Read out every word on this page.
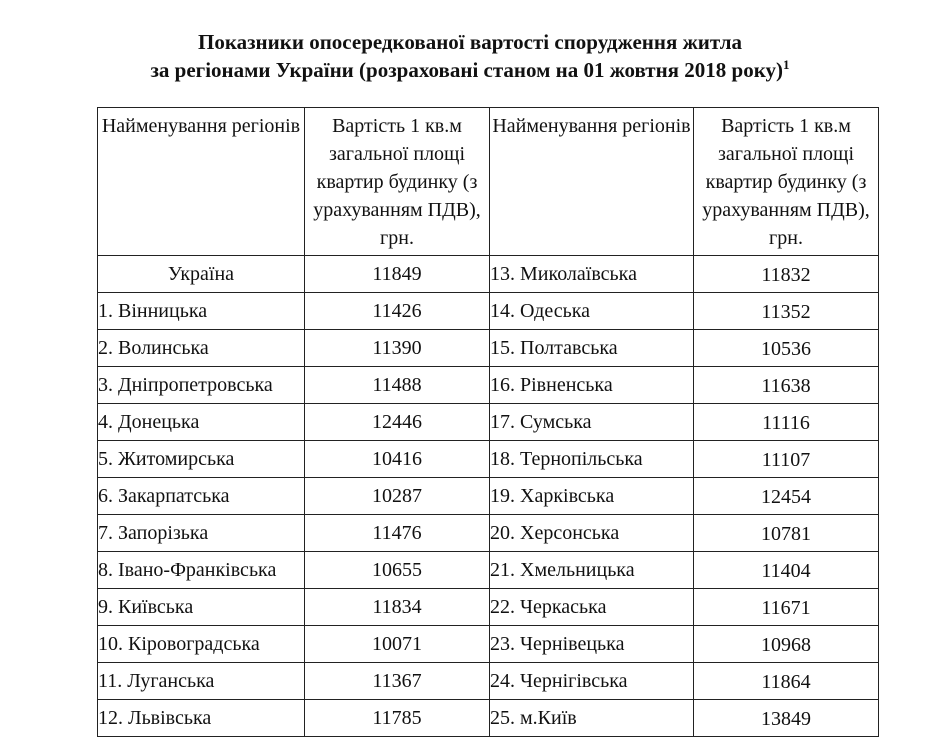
Показники опосередкованої вартості спорудження житла
за регіонами України (розраховані станом на 01 жовтня 2018 року)$^1$
Найменування регіонів	Вартість 1 кв.м загальної площі квартир будинку (з урахуванням ПДВ), грн.	Найменування регіонів	Вартість 1 кв.м загальної площі квартир будинку (з урахуванням ПДВ), грн.
Україна	11849	13. Миколаївська	11832
1. Вінницька	11426	14. Одеська	11352
2. Волинська	11390	15. Полтавська	10536
3. Дніпропетровська	11488	16. Рівненська	11638
4. Донецька	12446	17. Сумська	11116
5. Житомирська	10416	18. Тернопільська	11107
6. Закарпатська	10287	19. Харківська	12454
7. Запорізька	11476	20. Херсонська	10781
8. Івано-Франківська	10655	21. Хмельницька	11404
9. Київська	11834	22. Черкаська	11671
10. Кіровоградська	10071	23. Чернівецька	10968
11. Луганська	11367	24. Чернігівська	11864
12. Львівська	11785	25. м.Київ	13849
